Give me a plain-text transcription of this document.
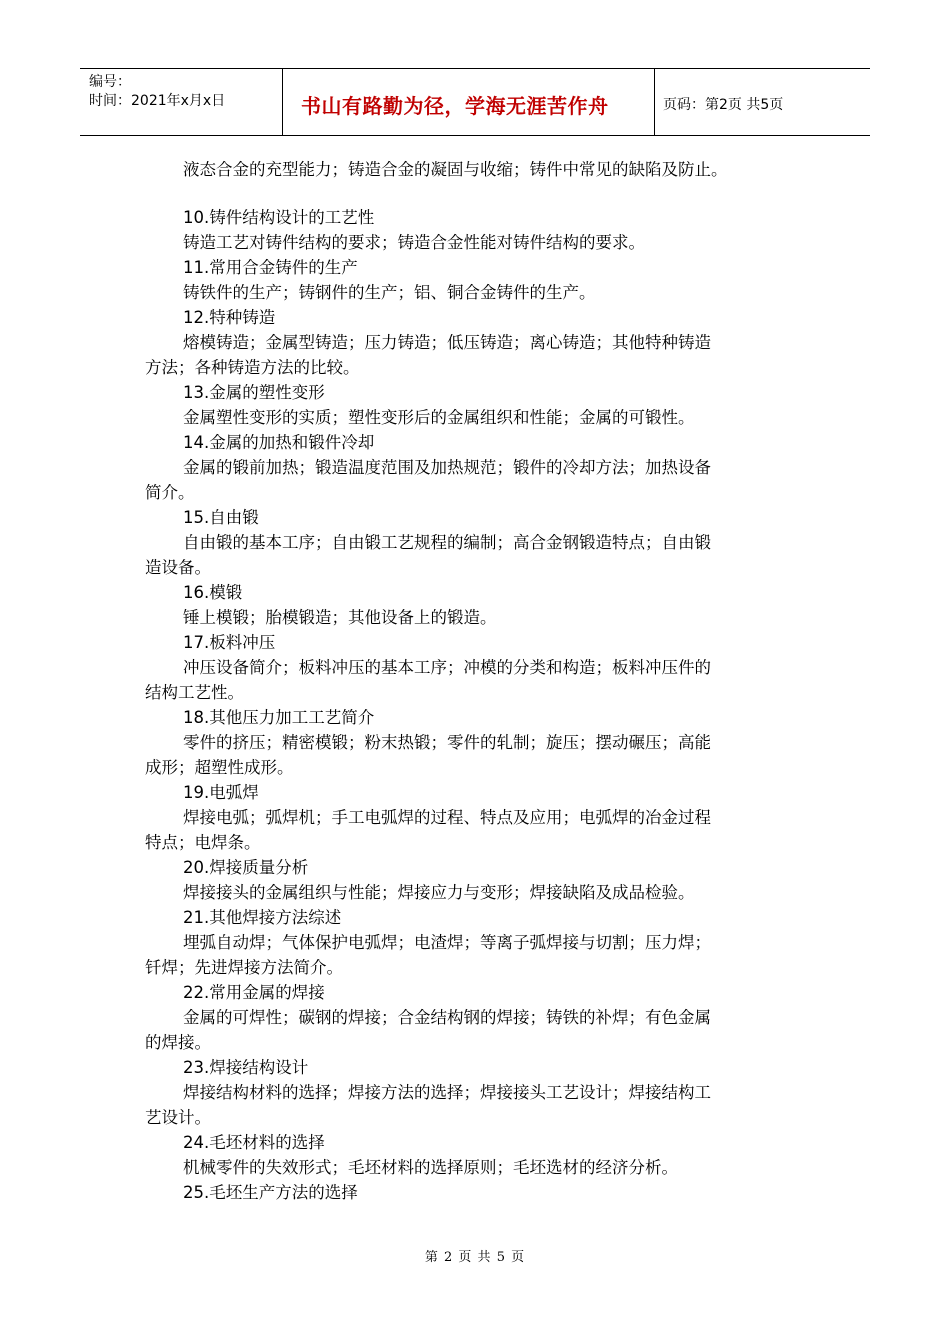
编号：
时间：2021年x月x日	书山有路勤为径，学海无涯苦作舟	页码：第2页 共5页
液态合金的充型能力；铸造合金的凝固与收缩；铸件中常见的缺陷及防止。
10.铸件结构设计的工艺性
铸造工艺对铸件结构的要求；铸造合金性能对铸件结构的要求。
11.常用合金铸件的生产
铸铁件的生产；铸钢件的生产；铝、铜合金铸件的生产。
12.特种铸造
熔模铸造；金属型铸造；压力铸造；低压铸造；离心铸造；其他特种铸造
方法；各种铸造方法的比较。
13.金属的塑性变形
金属塑性变形的实质；塑性变形后的金属组织和性能；金属的可锻性。
14.金属的加热和锻件冷却
金属的锻前加热；锻造温度范围及加热规范；锻件的冷却方法；加热设备
简介。
15.自由锻
自由锻的基本工序；自由锻工艺规程的编制；高合金钢锻造特点；自由锻
造设备。
16.模锻
锤上模锻；胎模锻造；其他设备上的锻造。
17.板料冲压
冲压设备简介；板料冲压的基本工序；冲模的分类和构造；板料冲压件的
结构工艺性。
18.其他压力加工工艺简介
零件的挤压；精密模锻；粉末热锻；零件的轧制；旋压；摆动碾压；高能
成形；超塑性成形。
19.电弧焊
焊接电弧；弧焊机；手工电弧焊的过程、特点及应用；电弧焊的冶金过程
特点；电焊条。
20.焊接质量分析
焊接接头的金属组织与性能；焊接应力与变形；焊接缺陷及成品检验。
21.其他焊接方法综述
埋弧自动焊；气体保护电弧焊；电渣焊；等离子弧焊接与切割；压力焊；
钎焊；先进焊接方法简介。
22.常用金属的焊接
金属的可焊性；碳钢的焊接；合金结构钢的焊接；铸铁的补焊；有色金属
的焊接。
23.焊接结构设计
焊接结构材料的选择；焊接方法的选择；焊接接头工艺设计；焊接结构工
艺设计。
24.毛坯材料的选择
机械零件的失效形式；毛坯材料的选择原则；毛坯选材的经济分析。
25.毛坯生产方法的选择
第 2 页 共 5 页
